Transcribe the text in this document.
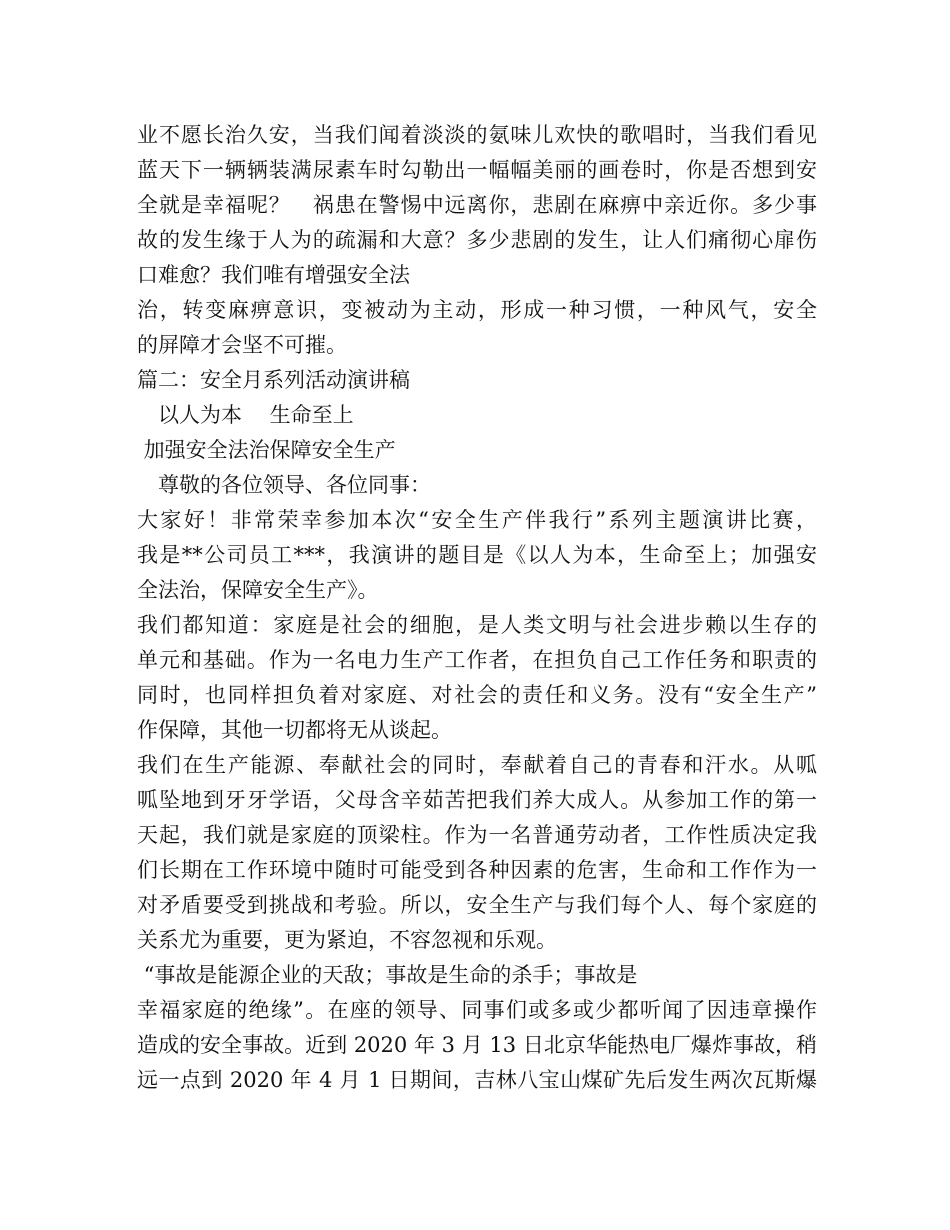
业不愿长治久安，当我们闻着淡淡的氨味儿欢快的歌唱时，当我们看见
蓝天下一辆辆装满尿素车时勾勒出一幅幅美丽的画卷时，你是否想到安
全就是幸福呢？　祸患在警惕中远离你，悲剧在麻痹中亲近你。多少事
故的发生缘于人为的疏漏和大意？多少悲剧的发生，让人们痛彻心扉伤
口难愈？我们唯有增强安全法
治，转变麻痹意识，变被动为主动，形成一种习惯，一种风气，安全
的屏障才会坚不可摧。
篇二：安全月系列活动演讲稿
　以人为本　 生命至上
加强安全法治保障安全生产
　尊敬的各位领导、各位同事：
大家好！非常荣幸参加本次“安全生产伴我行”系列主题演讲比赛，
我是**公司员工***，我演讲的题目是《以人为本，生命至上；加强安
全法治，保障安全生产》。
我们都知道：家庭是社会的细胞，是人类文明与社会进步赖以生存的
单元和基础。作为一名电力生产工作者，在担负自己工作任务和职责的
同时，也同样担负着对家庭、对社会的责任和义务。没有“安全生产”
作保障，其他一切都将无从谈起。
我们在生产能源、奉献社会的同时，奉献着自己的青春和汗水。从呱
呱坠地到牙牙学语，父母含辛茹苦把我们养大成人。从参加工作的第一
天起，我们就是家庭的顶梁柱。作为一名普通劳动者，工作性质决定我
们长期在工作环境中随时可能受到各种因素的危害，生命和工作作为一
对矛盾要受到挑战和考验。所以，安全生产与我们每个人、每个家庭的
关系尤为重要，更为紧迫，不容忽视和乐观。
“事故是能源企业的天敌；事故是生命的杀手；事故是
幸福家庭的绝缘”。在座的领导、同事们或多或少都听闻了因违章操作
造成的安全事故。近到 2020 年 3 月 13 日北京华能热电厂爆炸事故，稍
远一点到 2020 年 4 月 1 日期间，吉林八宝山煤矿先后发生两次瓦斯爆
